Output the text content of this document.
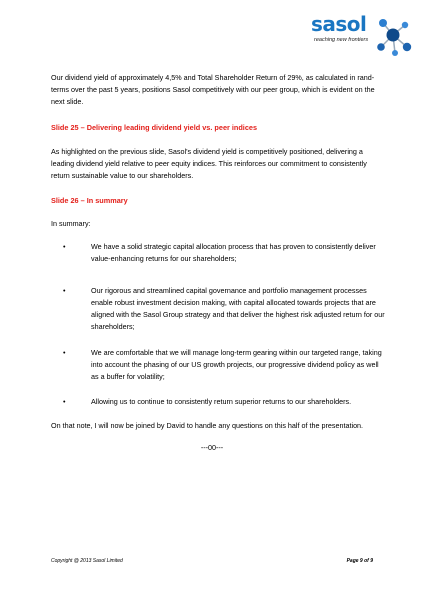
sasol
reaching new frontiers

Our dividend yield of approximately 4,5% and Total Shareholder Return of 29%, as calculated in rand-terms over the past 5 years, positions Sasol competitively with our peer group, which is evident on the next slide.

Slide 25 – Delivering leading dividend yield vs. peer indices

As highlighted on the previous slide, Sasol’s dividend yield is competitively positioned, delivering a leading dividend yield relative to peer equity indices. This reinforces our commitment to consistently return sustainable value to our shareholders.

Slide 26 – In summary

In summary:

•	We have a solid strategic capital allocation process that has proven to consistently deliver value-enhancing returns for our shareholders;

•	Our rigorous and streamlined capital governance and portfolio management processes enable robust investment decision making, with capital allocated towards projects that are aligned with the Sasol Group strategy and that deliver the highest risk adjusted return for our shareholders;

•	We are comfortable that we will manage long-term gearing within our targeted range, taking into account the phasing of our US growth projects, our progressive dividend policy as well as a buffer for volatility;

•	Allowing us to continue to consistently return superior returns to our shareholders.

On that note, I will now be joined by David to handle any questions on this half of the presentation.

---00---
Copyright @ 2013 Sasol Limited	Page 9 of 9
